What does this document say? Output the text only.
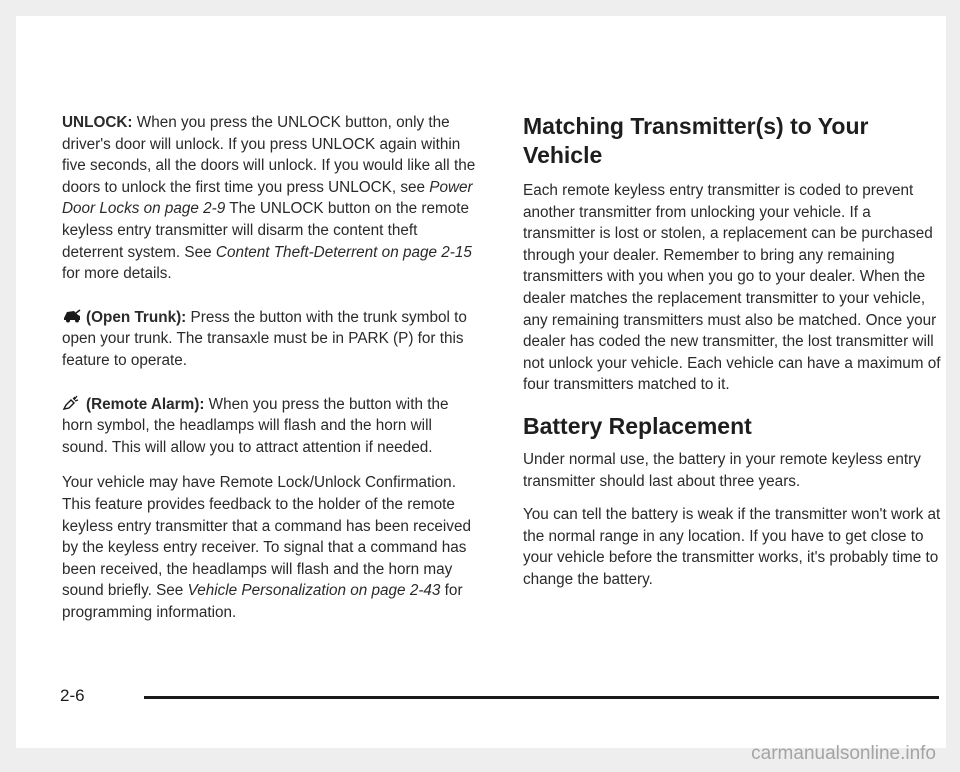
UNLOCK: When you press the UNLOCK button, only the driver's door will unlock. If you press UNLOCK again within five seconds, all the doors will unlock. If you would like all the doors to unlock the first time you press UNLOCK, see Power Door Locks on page 2-9 The UNLOCK button on the remote keyless entry transmitter will disarm the content theft deterrent system. See Content Theft-Deterrent on page 2-15 for more details.

(Open Trunk): Press the button with the trunk symbol to open your trunk. The transaxle must be in PARK (P) for this feature to operate.

(Remote Alarm): When you press the button with the horn symbol, the headlamps will flash and the horn will sound. This will allow you to attract attention if needed.

Your vehicle may have Remote Lock/Unlock Confirmation. This feature provides feedback to the holder of the remote keyless entry transmitter that a command has been received by the keyless entry receiver. To signal that a command has been received, the headlamps will flash and the horn may sound briefly. See Vehicle Personalization on page 2-43 for programming information.

Matching Transmitter(s) to Your Vehicle

Each remote keyless entry transmitter is coded to prevent another transmitter from unlocking your vehicle. If a transmitter is lost or stolen, a replacement can be purchased through your dealer. Remember to bring any remaining transmitters with you when you go to your dealer. When the dealer matches the replacement transmitter to your vehicle, any remaining transmitters must also be matched. Once your dealer has coded the new transmitter, the lost transmitter will not unlock your vehicle. Each vehicle can have a maximum of four transmitters matched to it.

Battery Replacement

Under normal use, the battery in your remote keyless entry transmitter should last about three years.

You can tell the battery is weak if the transmitter won't work at the normal range in any location. If you have to get close to your vehicle before the transmitter works, it's probably time to change the battery.

2-6
carmanualsonline.info
